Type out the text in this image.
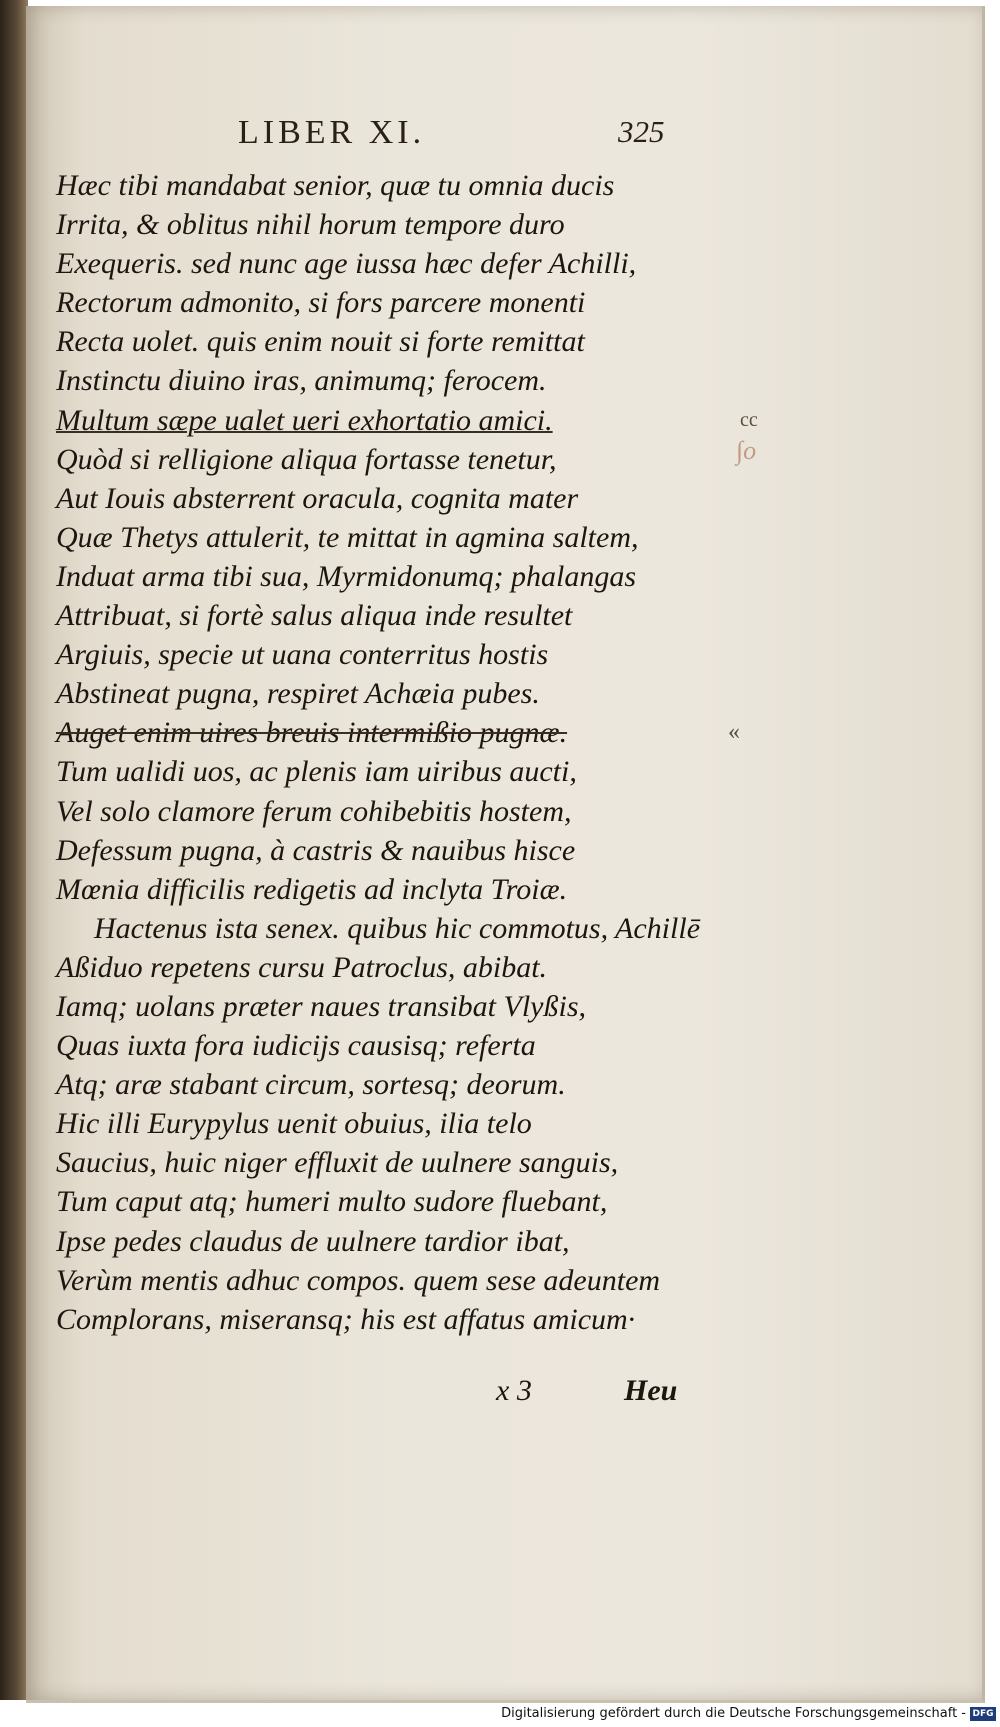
LIBER XI.	325
Hæc tibi mandabat senior, quæ tu omnia ducis
Irrita, & oblitus nihil horum tempore duro
Exequeris. sed nunc age iussa hæc defer Achilli,
Rectorum admonito, si fors parcere monenti
Recta uolet. quis enim nouit si forte remittat
Instinctu diuino iras, animumq; ferocem.
Multum sæpe ualet ueri exhortatio amici.	cc
Quòd si relligione aliqua fortasse tenetur,
Aut Iouis absterrent oracula, cognita mater
Quæ Thetys attulerit, te mittat in agmina saltem,
Induat arma tibi sua, Myrmidonumq; phalangas
Attribuat, si fortè salus aliqua inde resultet
Argiuis, specie ut uana conterritus hostis
Abstineat pugna, respiret Achæia pubes.
Auget enim uires breuis intermißio pugnæ.	«
Tum ualidi uos, ac plenis iam uiribus aucti,
Vel solo clamore ferum cohibebitis hostem,
Defessum pugna, à castris & nauibus hisce
Mœnia difficilis redigetis ad inclyta Troiæ.
Hactenus ista senex. quibus hic commotus, Achillē
Aßiduo repetens cursu Patroclus, abibat.
Iamq; uolans præter naues transibat Vlyßis,
Quas iuxta fora iudicijs causisq; referta
Atq; aræ stabant circum, sortesq; deorum.
Hic illi Eurypylus uenit obuius, ilia telo
Saucius, huic niger effluxit de uulnere sanguis,
Tum caput atq; humeri multo sudore fluebant,
Ipse pedes claudus de uulnere tardior ibat,
Verùm mentis adhuc compos. quem sese adeuntem
Complorans, miseransq; his est affatus amicum·
∫o
x 3	Heu
Digitalisierung gefördert durch die Deutsche Forschungsgemeinschaft - DFG
